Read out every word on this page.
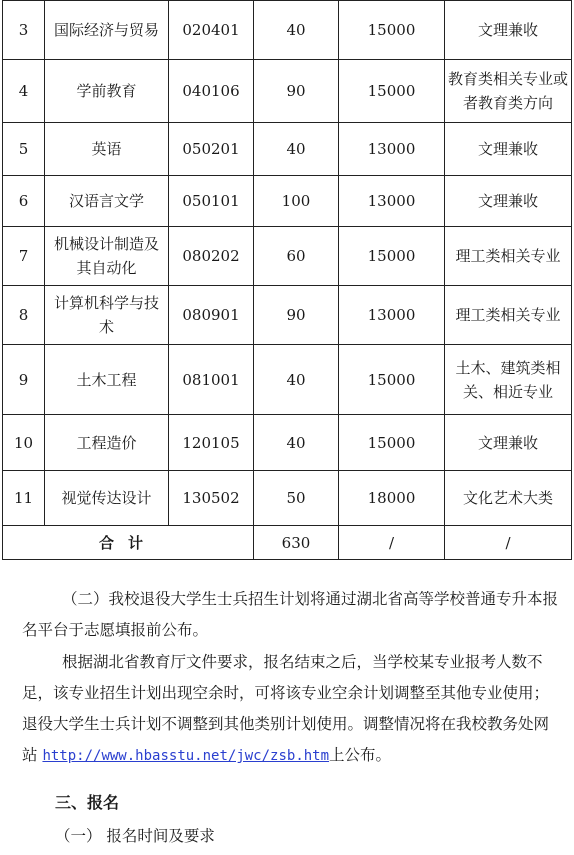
3	国际经济与贸易	020401	40	15000	文理兼收
4	学前教育	040106	90	15000	教育类相关专业或者教育类方向
5	英语	050201	40	13000	文理兼收
6	汉语言文学	050101	100	13000	文理兼收
7	机械设计制造及其自动化	080202	60	15000	理工类相关专业
8	计算机科学与技术	080901	90	13000	理工类相关专业
9	土木工程	081001	40	15000	土木、建筑类相关、相近专业
10	工程造价	120105	40	15000	文理兼收
11	视觉传达设计	130502	50	18000	文化艺术大类
合计			630	/	/

（二）我校退役大学生士兵招生计划将通过湖北省高等学校普通专升本报名平台于志愿填报前公布。

根据湖北省教育厅文件要求，报名结束之后，当学校某专业报考人数不足，该专业招生计划出现空余时，可将该专业空余计划调整至其他专业使用；退役大学生士兵计划不调整到其他类别计划使用。调整情况将在我校教务处网站 http://www.hbasstu.net/jwc/zsb.htm上公布。

三、报名
（一） 报名时间及要求
